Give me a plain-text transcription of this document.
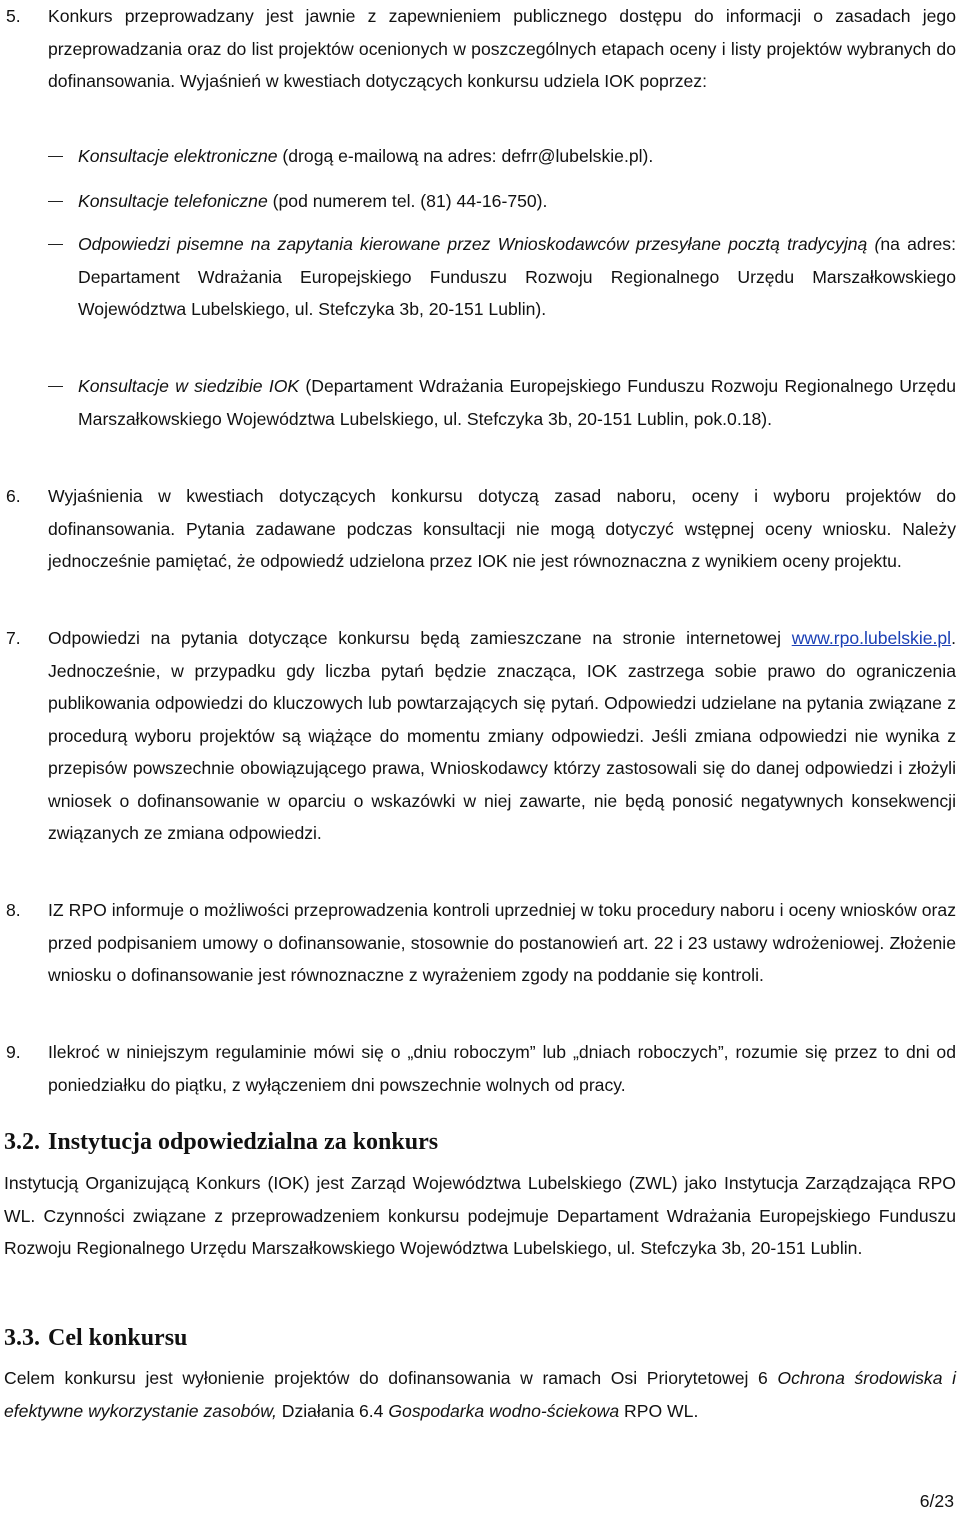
5. Konkurs przeprowadzany jest jawnie z zapewnieniem publicznego dostępu do informacji o zasadach jego przeprowadzania oraz do list projektów ocenionych w poszczególnych etapach oceny i listy projektów wybranych do dofinansowania. Wyjaśnień w kwestiach dotyczących konkursu udziela IOK poprzez:
Konsultacje elektroniczne (drogą e-mailową na adres: defrr@lubelskie.pl).
Konsultacje telefoniczne (pod numerem tel. (81) 44-16-750).
Odpowiedzi pisemne na zapytania kierowane przez Wnioskodawców przesyłane pocztą tradycyjną (na adres: Departament Wdrażania Europejskiego Funduszu Rozwoju Regionalnego Urzędu Marszałkowskiego Województwa Lubelskiego, ul. Stefczyka 3b, 20-151 Lublin).
Konsultacje w siedzibie IOK (Departament Wdrażania Europejskiego Funduszu Rozwoju Regionalnego Urzędu Marszałkowskiego Województwa Lubelskiego, ul. Stefczyka 3b, 20-151 Lublin, pok.0.18).
6. Wyjaśnienia w kwestiach dotyczących konkursu dotyczą zasad naboru, oceny i wyboru projektów do dofinansowania. Pytania zadawane podczas konsultacji nie mogą dotyczyć wstępnej oceny wniosku. Należy jednocześnie pamiętać, że odpowiedź udzielona przez IOK nie jest równoznaczna z wynikiem oceny projektu.
7. Odpowiedzi na pytania dotyczące konkursu będą zamieszczane na stronie internetowej www.rpo.lubelskie.pl. Jednocześnie, w przypadku gdy liczba pytań będzie znacząca, IOK zastrzega sobie prawo do ograniczenia publikowania odpowiedzi do kluczowych lub powtarzających się pytań. Odpowiedzi udzielane na pytania związane z procedurą wyboru projektów są wiążące do momentu zmiany odpowiedzi. Jeśli zmiana odpowiedzi nie wynika z przepisów powszechnie obowiązującego prawa, Wnioskodawcy którzy zastosowali się do danej odpowiedzi i złożyli wniosek o dofinansowanie w oparciu o wskazówki w niej zawarte, nie będą ponosić negatywnych konsekwencji związanych ze zmiana odpowiedzi.
8. IZ RPO informuje o możliwości przeprowadzenia kontroli uprzedniej w toku procedury naboru i oceny wniosków oraz przed podpisaniem umowy o dofinansowanie, stosownie do postanowień art. 22 i 23 ustawy wdrożeniowej. Złożenie wniosku o dofinansowanie jest równoznaczne z wyrażeniem zgody na poddanie się kontroli.
9. Ilekroć w niniejszym regulaminie mówi się o „dniu roboczym” lub „dniach roboczych”, rozumie się przez to dni od poniedziałku do piątku, z wyłączeniem dni powszechnie wolnych od pracy.
3.2. Instytucja odpowiedzialna za konkurs
Instytucją Organizującą Konkurs (IOK) jest Zarząd Województwa Lubelskiego (ZWL) jako Instytucja Zarządzająca RPO WL. Czynności związane z przeprowadzeniem konkursu podejmuje Departament Wdrażania Europejskiego Funduszu Rozwoju Regionalnego Urzędu Marszałkowskiego Województwa Lubelskiego, ul. Stefczyka 3b, 20-151 Lublin.
3.3. Cel konkursu
Celem konkursu jest wyłonienie projektów do dofinansowania w ramach Osi Priorytetowej 6 Ochrona środowiska i efektywne wykorzystanie zasobów, Działania 6.4 Gospodarka wodno-ściekowa RPO WL.
6/23
